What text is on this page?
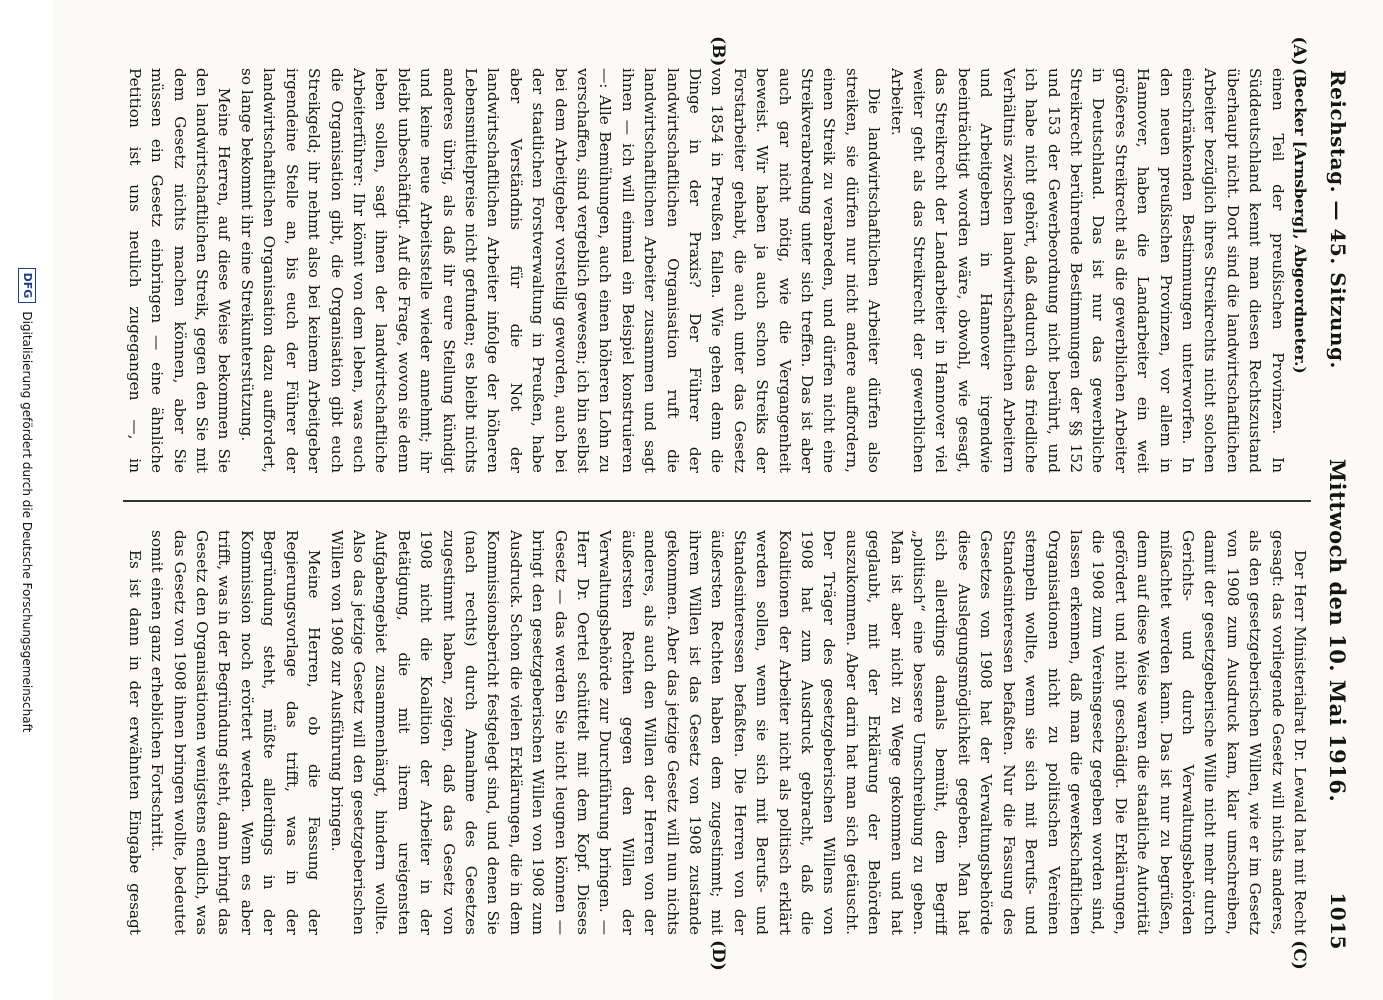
Reichstag. — 45. Sitzung.
Mittwoch den 10. Mai 1916.
1015
(A)
(B)
(C)
(D)

(Becker [Arnsberg], Abgeordneter.)

einen Teil der preußischen Provinzen. In Süddeutschland kennt man diesen Rechtszustand überhaupt nicht. Dort sind die landwirtschaftlichen Arbeiter bezüglich ihres Streikrechts nicht solchen einschränkenden Bestimmungen unterworfen. In den neuen preußischen Provinzen, vor allem in Hannover, haben die Landarbeiter ein weit größeres Streikrecht als die gewerblichen Arbeiter in Deutschland. Das ist nur das gewerbliche Streikrecht berührende Bestimmungen der §§ 152 und 153 der Gewerbeordnung nicht berührt, und ich habe nicht gehört, daß dadurch das friedliche Verhältnis zwischen landwirtschaftlichen Arbeitern und Arbeitgebern in Hannover irgendwie beeinträchtigt worden wäre, obwohl, wie gesagt, das Streikrecht der Landarbeiter in Hannover viel weiter geht als das Streikrecht der gewerblichen Arbeiter.

Die landwirtschaftlichen Arbeiter dürfen also streiken, sie dürfen nur nicht andere auffordern, einen Streik zu verabreden, und dürfen nicht eine Streikverabredung unter sich treffen. Das ist aber auch gar nicht nötig, wie die Vergangenheit beweist. Wir haben ja auch schon Streiks der Forstarbeiter gehabt, die auch unter das Gesetz von 1854 in Preußen fallen. Wie gehen denn die Dinge in der Praxis? Der Führer der landwirtschaftlichen Organisation ruft die landwirtschaftlichen Arbeiter zusammen und sagt ihnen — ich will einmal ein Beispiel konstruieren —: Alle Bemühungen, auch einen höheren Lohn zu verschaffen, sind vergeblich gewesen; ich bin selbst bei dem Arbeitgeber vorstellig geworden, auch bei der staatlichen Forstverwaltung in Preußen, habe aber Verständnis für die Not der landwirtschaftlichen Arbeiter infolge der höheren Lebensmittelpreise nicht gefunden; es bleibt nichts anderes übrig, als daß ihr eure Stellung kündigt und keine neue Arbeitsstelle wieder annehmt; ihr bleibt unbeschäftigt. Auf die Frage, wovon sie denn leben sollen, sagt ihnen der landwirtschaftliche Arbeiterführer: Ihr könnt von dem leben, was euch die Organisation gibt, die Organisation gibt euch Streikgeld; ihr nehmt also bei keinem Arbeitgeber irgendeine Stelle an, bis euch der Führer der landwirtschaftlichen Organisation dazu auffordert, so lange bekommt ihr eine Streikunterstützung.

Meine Herren, auf diese Weise bekommen Sie den landwirtschaftlichen Streik, gegen den Sie mit dem Gesetz nichts machen können, aber Sie müssen ein Gesetz einbringen — eine ähnliche Petition ist uns neulich zugegangen —, in

Der Herr Ministerialrat Dr. Lewald hat mit Recht gesagt: das vorliegende Gesetz will nichts anderes, als den gesetzgeberischen Willen, wie er im Gesetz von 1908 zum Ausdruck kam, klar umschreiben, damit der gesetzgeberische Wille nicht mehr durch Gerichts- und durch Verwaltungsbehörden mißachtet werden kann. Das ist nur zu begrüßen, denn auf diese Weise waren die staatliche Autorität gefördert und nicht geschädigt. Die Erklärungen, die 1908 zum Vereinsgesetz gegeben worden sind, lassen erkennen, daß man die gewerkschaftlichen Organisationen nicht zu politischen Vereinen stempeln wollte, wenn sie sich mit Berufs- und Standesinteressen befaßten. Nur die Fassung des Gesetzes von 1908 hat der Verwaltungsbehörde diese Auslegungsmöglichkeit gegeben. Man hat sich allerdings damals bemüht, dem Begriff „politisch“ eine bessere Umschreibung zu geben. Man ist aber nicht zu Wege gekommen und hat geglaubt, mit der Erklärung der Behörden auszukommen. Aber darin hat man sich getäuscht. Der Träger des gesetzgeberischen Willens von 1908 hat zum Ausdruck gebracht, daß die Koalitionen der Arbeiter nicht als politisch erklärt werden sollen, wenn sie sich mit Berufs- und Standesinteressen befaßten. Die Herren von der äußersten Rechten haben dem zugestimmt; mit ihrem Willen ist das Gesetz von 1908 zustande gekommen. Aber das jetzige Gesetz will nun nichts anderes, als auch den Willen der Herren von der äußersten Rechten gegen den Willen der Verwaltungsbehörde zur Durchführung bringen. — Herr Dr. Oertel schüttelt mit dem Kopf. Dieses Gesetz — das werden Sie nicht leugnen können — bringt den gesetzgeberischen Willen von 1908 zum Ausdruck. Schon die vielen Erklärungen, die in dem Kommissionsbericht festgelegt sind, und denen Sie (nach rechts) durch Annahme des Gesetzes zugestimmt haben, zeigen, daß das Gesetz von 1908 nicht die Koalition der Arbeiter in der Betätigung, die mit ihrem ureigensten Aufgabengebiet zusammenhängt, hindern wollte. Also das jetzige Gesetz will den gesetzgeberischen Willen von 1908 zur Ausführung bringen.

Meine Herren, ob die Fassung der Regierungsvorlage das trifft, was in der Begründung steht, müßte allerdings in der Kommission noch erörtert werden. Wenn es aber trifft, was in der Begründung steht, dann bringt das Gesetz den Organisationen wenigstens endlich, was das Gesetz von 1908 ihnen bringen wollte, bedeutet somit einen ganz erheblichen Fortschritt.

Es ist dann in der erwähnten Eingabe gesagt

DFG
Digitalisierung gefördert durch die Deutsche Forschungsgemeinschaft
